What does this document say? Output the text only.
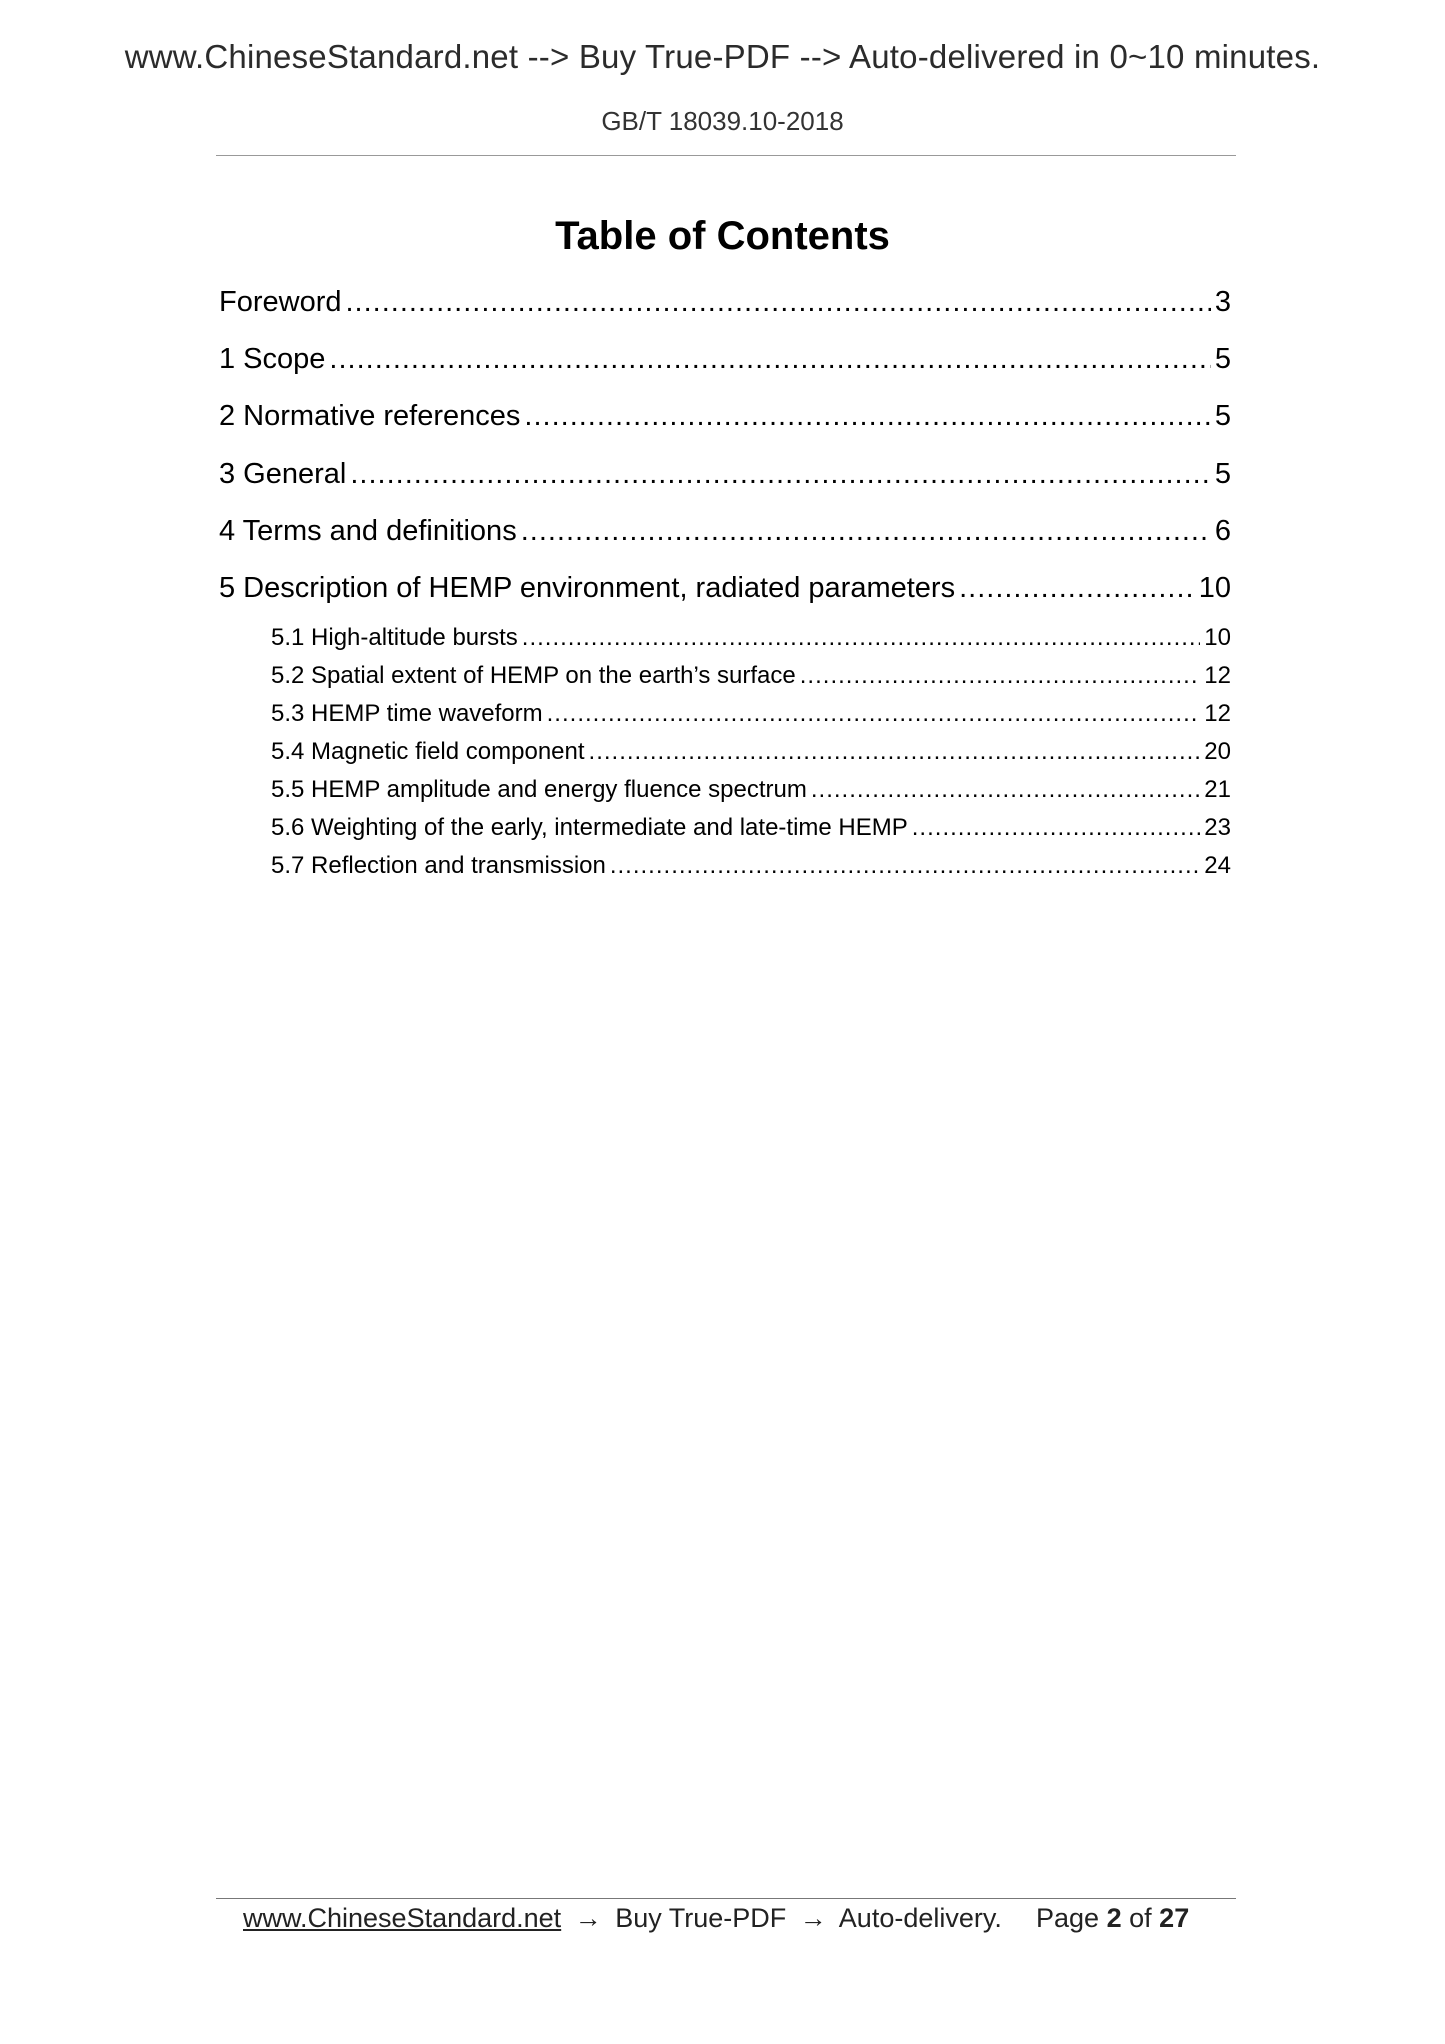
www.ChineseStandard.net --> Buy True-PDF --> Auto-delivered in 0~10 minutes.
GB/T 18039.10-2018
Table of Contents
Foreword .....	3
1 Scope .....	5
2 Normative references .....	5
3 General .....	5
4 Terms and definitions .....	6
5 Description of HEMP environment, radiated parameters .....	10
5.1 High-altitude bursts .....	10
5.2 Spatial extent of HEMP on the earth’s surface .....	12
5.3 HEMP time waveform .....	12
5.4 Magnetic field component .....	20
5.5 HEMP amplitude and energy fluence spectrum .....	21
5.6 Weighting of the early, intermediate and late-time HEMP .....	23
5.7 Reflection and transmission .....	24
www.ChineseStandard.net → Buy True-PDF → Auto-delivery. Page 2 of 27
